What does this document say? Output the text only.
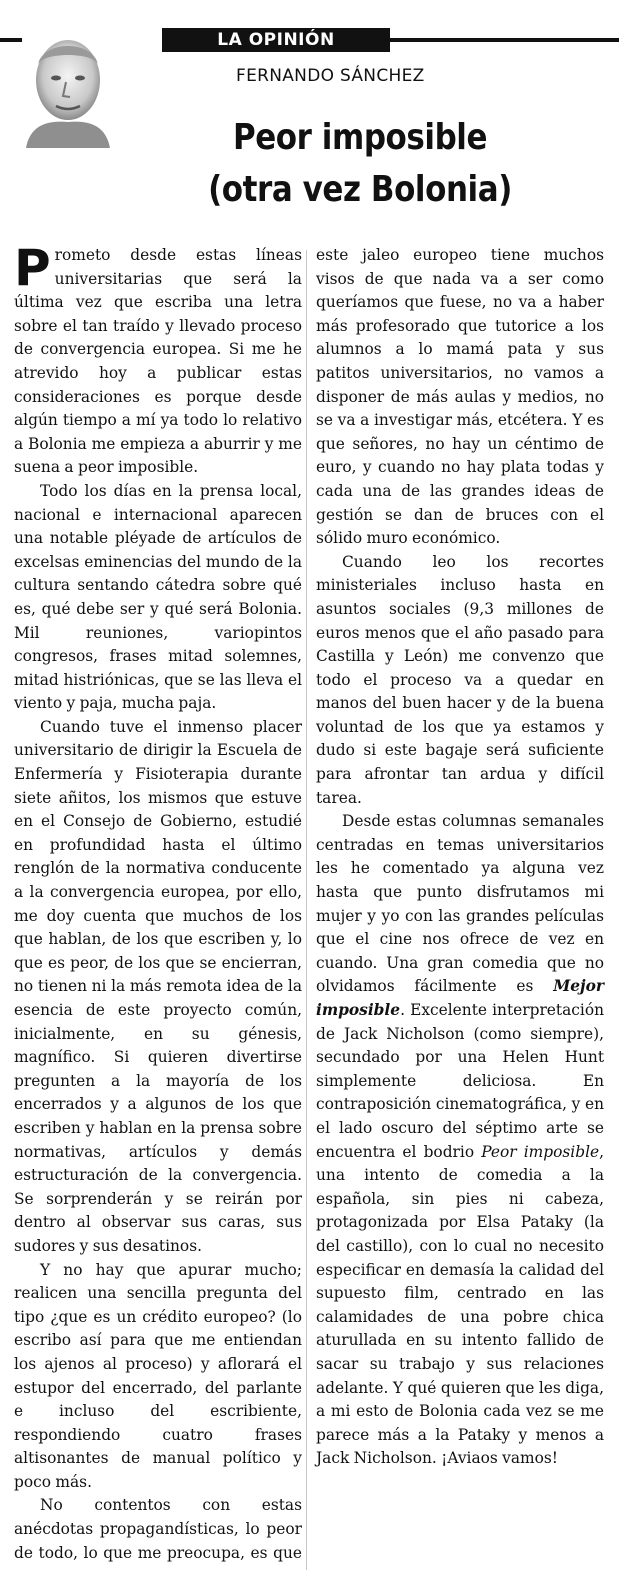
LA OPINIÓN
FERNANDO SÁNCHEZ
Peor imposible
(otra vez Bolonia)

Prometo desde estas líneas universitarias que será la última vez que escriba una letra sobre el tan traído y llevado proceso de convergencia europea. Si me he atrevido hoy a publicar estas consideraciones es porque desde algún tiempo a mí ya todo lo relativo a Bolonia me empieza a aburrir y me suena a peor imposible.

Todo los días en la prensa local, nacional e internacional aparecen una notable pléyade de artículos de excelsas eminencias del mundo de la cultura sentando cátedra sobre qué es, qué debe ser y qué será Bolonia. Mil reuniones, variopintos congresos, frases mitad solemnes, mitad histriónicas, que se las lleva el viento y paja, mucha paja.

Cuando tuve el inmenso placer universitario de dirigir la Escuela de Enfermería y Fisioterapia durante siete añitos, los mismos que estuve en el Consejo de Gobierno, estudié en profundidad hasta el último renglón de la normativa conducente a la convergencia europea, por ello, me doy cuenta que muchos de los que hablan, de los que escriben y, lo que es peor, de los que se encierran, no tienen ni la más remota idea de la esencia de este proyecto común, inicialmente, en su génesis, magnífico. Si quieren divertirse pregunten a la mayoría de los encerrados y a algunos de los que escriben y hablan en la prensa sobre normativas, artículos y demás estructuración de la convergencia. Se sorprenderán y se reirán por dentro al observar sus caras, sus sudores y sus desatinos.

Y no hay que apurar mucho; realicen una sencilla pregunta del tipo ¿que es un crédito europeo? (lo escribo así para que me entiendan los ajenos al proceso) y aflorará el estupor del encerrado, del parlante e incluso del escribiente, respondiendo cuatro frases altisonantes de manual político y poco más.

No contentos con estas anécdotas propagandísticas, lo peor de todo, lo que me preocupa, es que

este jaleo europeo tiene muchos visos de que nada va a ser como queríamos que fuese, no va a haber más profesorado que tutorice a los alumnos a lo mamá pata y sus patitos universitarios, no vamos a disponer de más aulas y medios, no se va a investigar más, etcétera. Y es que señores, no hay un céntimo de euro, y cuando no hay plata todas y cada una de las grandes ideas de gestión se dan de bruces con el sólido muro económico.

Cuando leo los recortes ministeriales incluso hasta en asuntos sociales (9,3 millones de euros menos que el año pasado para Castilla y León) me convenzo que todo el proceso va a quedar en manos del buen hacer y de la buena voluntad de los que ya estamos y dudo si este bagaje será suficiente para afrontar tan ardua y difícil tarea.

Desde estas columnas semanales centradas en temas universitarios les he comentado ya alguna vez hasta que punto disfrutamos mi mujer y yo con las grandes películas que el cine nos ofrece de vez en cuando. Una gran comedia que no olvidamos fácilmente es Mejor imposible. Excelente interpretación de Jack Nicholson (como siempre), secundado por una Helen Hunt simplemente deliciosa. En contraposición cinematográfica, y en el lado oscuro del séptimo arte se encuentra el bodrio Peor imposible, una intento de comedia a la española, sin pies ni cabeza, protagonizada por Elsa Pataky (la del castillo), con lo cual no necesito especificar en demasía la calidad del supuesto film, centrado en las calamidades de una pobre chica aturullada en su intento fallido de sacar su trabajo y sus relaciones adelante. Y qué quieren que les diga, a mi esto de Bolonia cada vez se me parece más a la Pataky y menos a Jack Nicholson. ¡Aviaos vamos!
